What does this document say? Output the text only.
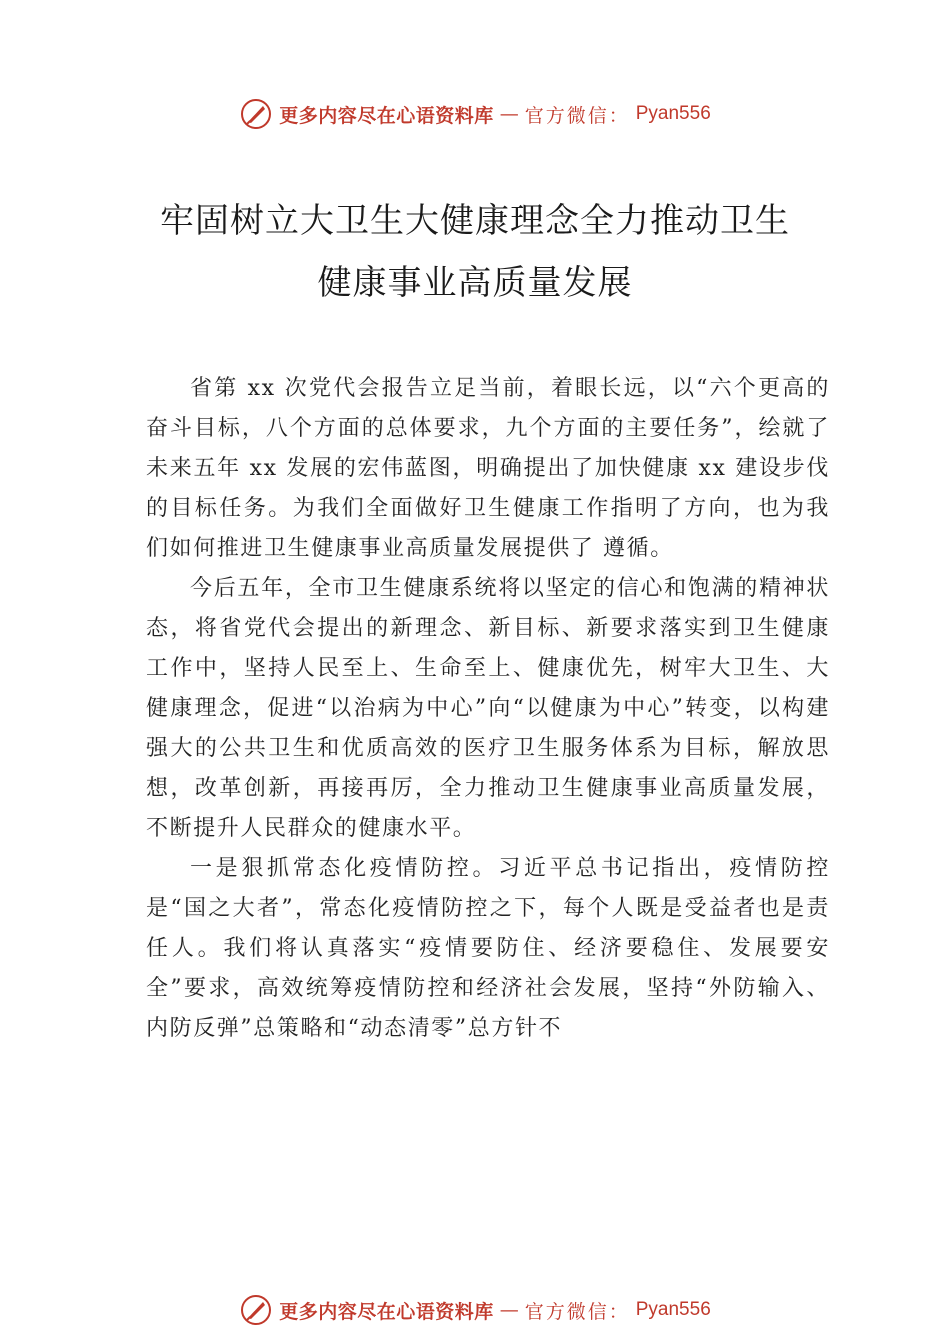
更多内容尽在心语资料库 — 官方微信： Pyan556
牢固树立大卫生大健康理念全力推动卫生
健康事业高质量发展

省第 xx 次党代会报告立足当前，着眼长远，以“六个更高的奋斗目标，八个方面的总体要求，九个方面的主要任务”，绘就了未来五年 xx 发展的宏伟蓝图，明确提出了加快健康 xx 建设步伐的目标任务。为我们全面做好卫生健康工作指明了方向，也为我们如何推进卫生健康事业高质量发展提供了 遵循。

今后五年，全市卫生健康系统将以坚定的信心和饱满的精神状态，将省党代会提出的新理念、新目标、新要求落实到卫生健康工作中，坚持人民至上、生命至上、健康优先，树牢大卫生、大健康理念，促进“以治病为中心”向“以健康为中心”转变，以构建强大的公共卫生和优质高效的医疗卫生服务体系为目标，解放思想，改革创新，再接再厉，全力推动卫生健康事业高质量发展，不断提升人民群众的健康水平。

一是狠抓常态化疫情防控。习近平总书记指出，疫情防控是“国之大者”，常态化疫情防控之下，每个人既是受益者也是责任人。我们将认真落实“疫情要防住、经济要稳住、发展要安全”要求，高效统筹疫情防控和经济社会发展，坚持“外防输入、内防反弹”总策略和“动态清零”总方针不

更多内容尽在心语资料库 — 官方微信： Pyan556
